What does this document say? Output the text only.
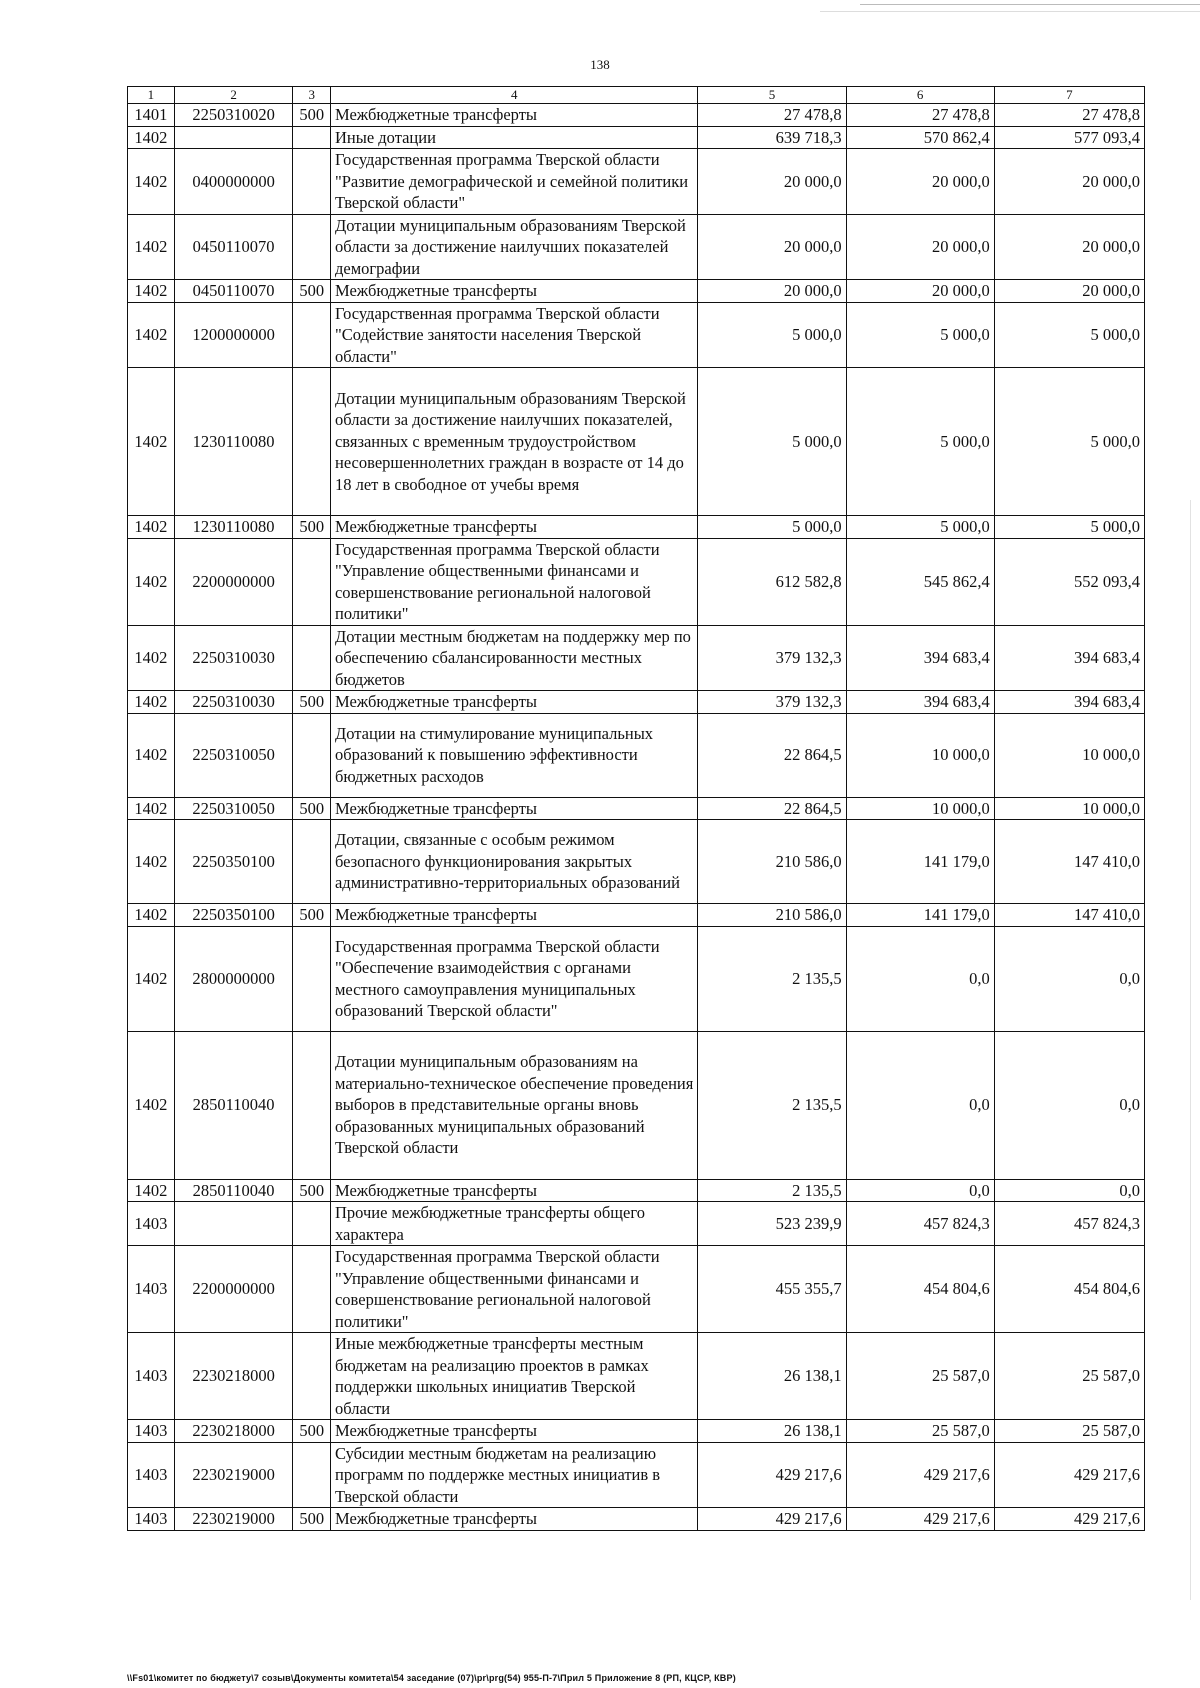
138
1	2	3	4	5	6	7
1401	2250310020	500	Межбюджетные трансферты	27 478,8	27 478,8	27 478,8
1402			Иные дотации	639 718,3	570 862,4	577 093,4
1402	0400000000		Государственная программа Тверской области "Развитие демографической и семейной политики Тверской области"	20 000,0	20 000,0	20 000,0
1402	0450110070		Дотации муниципальным образованиям Тверской области за достижение наилучших показателей демографии	20 000,0	20 000,0	20 000,0
1402	0450110070	500	Межбюджетные трансферты	20 000,0	20 000,0	20 000,0
1402	1200000000		Государственная программа Тверской области "Содействие занятости населения Тверской области"	5 000,0	5 000,0	5 000,0
1402	1230110080		Дотации муниципальным образованиям Тверской области за достижение наилучших показателей, связанных с временным трудоустройством несовершеннолетних граждан в возрасте от 14 до 18 лет в свободное от учебы время	5 000,0	5 000,0	5 000,0
1402	1230110080	500	Межбюджетные трансферты	5 000,0	5 000,0	5 000,0
1402	2200000000		Государственная программа Тверской области "Управление общественными финансами и совершенствование региональной налоговой политики"	612 582,8	545 862,4	552 093,4
1402	2250310030		Дотации местным бюджетам на поддержку мер по обеспечению сбалансированности местных бюджетов	379 132,3	394 683,4	394 683,4
1402	2250310030	500	Межбюджетные трансферты	379 132,3	394 683,4	394 683,4
1402	2250310050		Дотации на стимулирование муниципальных образований к повышению эффективности бюджетных расходов	22 864,5	10 000,0	10 000,0
1402	2250310050	500	Межбюджетные трансферты	22 864,5	10 000,0	10 000,0
1402	2250350100		Дотации, связанные с особым режимом безопасного функционирования закрытых административно-территориальных образований	210 586,0	141 179,0	147 410,0
1402	2250350100	500	Межбюджетные трансферты	210 586,0	141 179,0	147 410,0
1402	2800000000		Государственная программа Тверской области "Обеспечение взаимодействия с органами местного самоуправления муниципальных образований Тверской области"	2 135,5	0,0	0,0
1402	2850110040		Дотации муниципальным образованиям на материально-техническое обеспечение проведения выборов в представительные органы вновь образованных муниципальных образований Тверской области	2 135,5	0,0	0,0
1402	2850110040	500	Межбюджетные трансферты	2 135,5	0,0	0,0
1403			Прочие межбюджетные трансферты общего характера	523 239,9	457 824,3	457 824,3
1403	2200000000		Государственная программа Тверской области "Управление общественными финансами и совершенствование региональной налоговой политики"	455 355,7	454 804,6	454 804,6
1403	2230218000		Иные межбюджетные трансферты местным бюджетам на реализацию проектов в рамках поддержки школьных инициатив Тверской области	26 138,1	25 587,0	25 587,0
1403	2230218000	500	Межбюджетные трансферты	26 138,1	25 587,0	25 587,0
1403	2230219000		Субсидии местным бюджетам на реализацию программ по поддержке местных инициатив в Тверской области	429 217,6	429 217,6	429 217,6
1403	2230219000	500	Межбюджетные трансферты	429 217,6	429 217,6	429 217,6
\\Fs01\комитет по бюджету\7 созыв\Документы комитета\54 заседание (07)\pr\prg(54) 955-П-7\Прил 5 Приложение 8 (РП, КЦСР, КВР)
